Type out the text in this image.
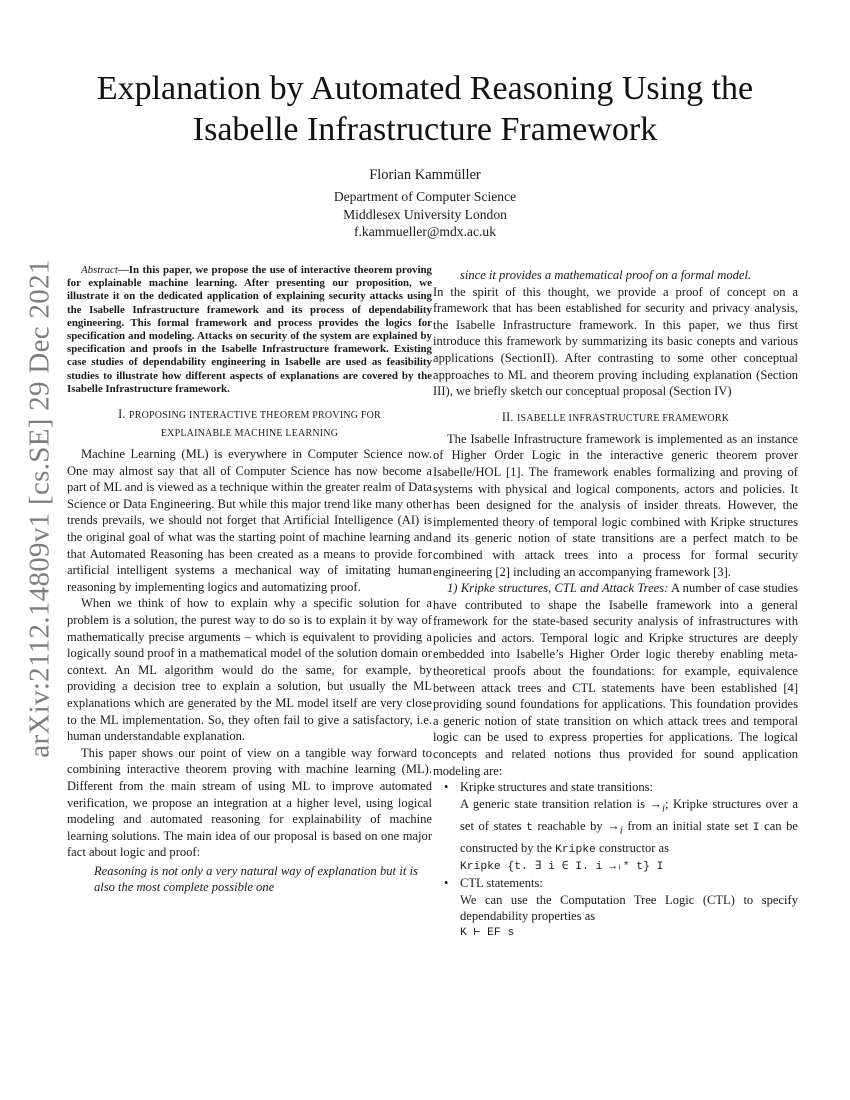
arXiv:2112.14809v1 [cs.SE] 29 Dec 2021
Explanation by Automated Reasoning Using the
Isabelle Infrastructure Framework
Florian Kammüller
Department of Computer Science
Middlesex University London
f.kammueller@mdx.ac.uk

Abstract—In this paper, we propose the use of interactive theorem proving for explainable machine learning. After presenting our proposition, we illustrate it on the dedicated application of explaining security attacks using the Isabelle Infrastructure framework and its process of dependability engineering. This formal framework and process provides the logics for specification and modeling. Attacks on security of the system are explained by specification and proofs in the Isabelle Infrastructure framework. Existing case studies of dependability engineering in Isabelle are used as feasibility studies to illustrate how different aspects of explanations are covered by the Isabelle Infrastructure framework.

I. PROPOSING INTERACTIVE THEOREM PROVING FOR
EXPLAINABLE MACHINE LEARNING

Machine Learning (ML) is everywhere in Computer Science now. One may almost say that all of Computer Science has now become a part of ML and is viewed as a technique within the greater realm of Data Science or Data Engineering. But while this major trend like many other trends prevails, we should not forget that Artificial Intelligence (AI) is the original goal of what was the starting point of machine learning and that Automated Reasoning has been created as a means to provide for artificial intelligent systems a mechanical way of imitating human reasoning by implementing logics and automatizing proof.

When we think of how to explain why a specific solution for a problem is a solution, the purest way to do so is to explain it by way of mathematically precise arguments – which is equivalent to providing a logically sound proof in a mathematical model of the solution domain or context. An ML algorithm would do the same, for example, by providing a decision tree to explain a solution, but usually the ML explanations which are generated by the ML model itself are very close to the ML implementation. So, they often fail to give a satisfactory, i.e. human understandable explanation.

This paper shows our point of view on a tangible way forward to combining interactive theorem proving with machine learning (ML). Different from the main stream of using ML to improve automated verification, we propose an integration at a higher level, using logical modeling and automated reasoning for explainability of machine learning solutions. The main idea of our proposal is based on one major fact about logic and proof:

Reasoning is not only a very natural way of explanation but it is also the most complete possible one

since it provides a mathematical proof on a formal model.

In the spirit of this thought, we provide a proof of concept on a framework that has been established for security and privacy analysis, the Isabelle Infrastructure framework. In this paper, we thus first introduce this framework by summarizing its basic conepts and various applications (SectionII). After contrasting to some other conceptual approaches to ML and theorem proving including explanation (Section III), we briefly sketch our conceptual proposal (Section IV)

II. ISABELLE INFRASTRUCTURE FRAMEWORK

The Isabelle Infrastructure framework is implemented as an instance of Higher Order Logic in the interactive generic theorem prover Isabelle/HOL [1]. The framework enables formalizing and proving of systems with physical and logical components, actors and policies. It has been designed for the analysis of insider threats. However, the implemented theory of temporal logic combined with Kripke structures and its generic notion of state transitions are a perfect match to be combined with attack trees into a process for formal security engineering [2] including an accompanying framework [3].

1) Kripke structures, CTL and Attack Trees: A number of case studies have contributed to shape the Isabelle framework into a general framework for the state-based security analysis of infrastructures with policies and actors. Temporal logic and Kripke structures are deeply embedded into Isabelle’s Higher Order logic thereby enabling meta-theoretical proofs about the foundations: for example, equivalence between attack trees and CTL statements have been established [4] providing sound foundations for applications. This foundation provides a generic notion of state transition on which attack trees and temporal logic can be used to express properties for applications. The logical concepts and related notions thus provided for sound application modeling are:

• Kripke structures and state transitions:
A generic state transition relation is $\to_i$; Kripke structures over a set of states t reachable by $\to_i$ from an initial state set I can be constructed by the Kripke constructor as
Kripke {t. ∃ i ∈ I. i →ᵢ* t} I
• CTL statements:
We can use the Computation Tree Logic (CTL) to specify dependability properties as
K ⊢ EF s
